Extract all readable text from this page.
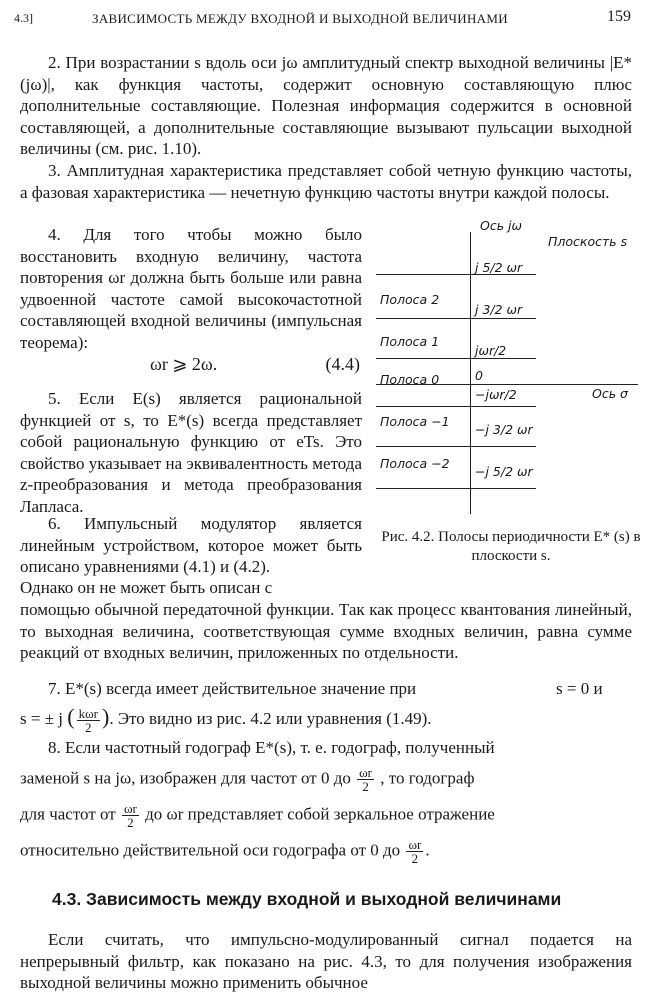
4.3]	ЗАВИСИМОСТЬ МЕЖДУ ВХОДНОЙ И ВЫХОДНОЙ ВЕЛИЧИНАМИ	159

2. При возрастании s вдоль оси jω амплитудный спектр выходной величины |E*(jω)|, как функция частоты, содержит основную составляющую плюс дополнительные составляющие. Полезная информация содержится в основной составляющей, а дополнительные составляющие вызывают пульсации выходной величины (см. рис. 1.10).

3. Амплитудная характеристика представляет собой четную функцию частоты, а фазовая характеристика — нечетную функцию частоты внутри каждой полосы.

4. Для того чтобы можно было восстановить входную величину, частота повторения ωr должна быть больше или равна удвоенной частоте самой высокочастотной составляющей входной величины (импульсная теорема):

ωr ⩾ 2ω.	(4.4)

5. Если E(s) является рациональной функцией от s, то E*(s) всегда представляет собой рациональную функцию от eTs. Это свойство указывает на эквивалентность метода z-преобразования и метода преобразования Лапласа.

6. Импульсный модулятор является линейным устройством, которое может быть описано уравнениями (4.1) и (4.2).

Однако он не может быть описан с

помощью обычной передаточной функции. Так как процесс квантования линейный, то выходная величина, соответствующая сумме входных величин, равна сумме реакций от входных величин, приложенных по отдельности.

7. E*(s) всегда имеет действительное значение при	s = 0 и
s = ± j ( $\frac{\text{kωr}}{2}$ ). Это видно из рис. 4.2 или уравнения (1.49).
8. Если частотный годограф E*(s), т. е. годограф, полученный
заменой s на jω, изображен для частот от 0 до $\frac{\omega r}{2}$ , то годограф
для частот от $\frac{\omega r}{2}$ до ωr представляет собой зеркальное отражение
относительно действительной оси годографа от 0 до $\frac{\omega r}{2}$ .
Ось jω
Плоскость s
Ось σ
Полоса 2
Полоса 1
Полоса 0
Полоса −1
Полоса −2
j 5/2 ωr
j 3/2 ωr
jωr/2
0
−jωr/2
−j 3/2 ωr
−j 5/2 ωr
Рис. 4.2. Полосы периодичности E* (s) в плоскости s.
4.3. Зависимость между входной и выходной величинами

Если считать, что импульсно-модулированный сигнал подается на непрерывный фильтр, как показано на рис. 4.3, то для получения изображения выходной величины можно применить обычное
